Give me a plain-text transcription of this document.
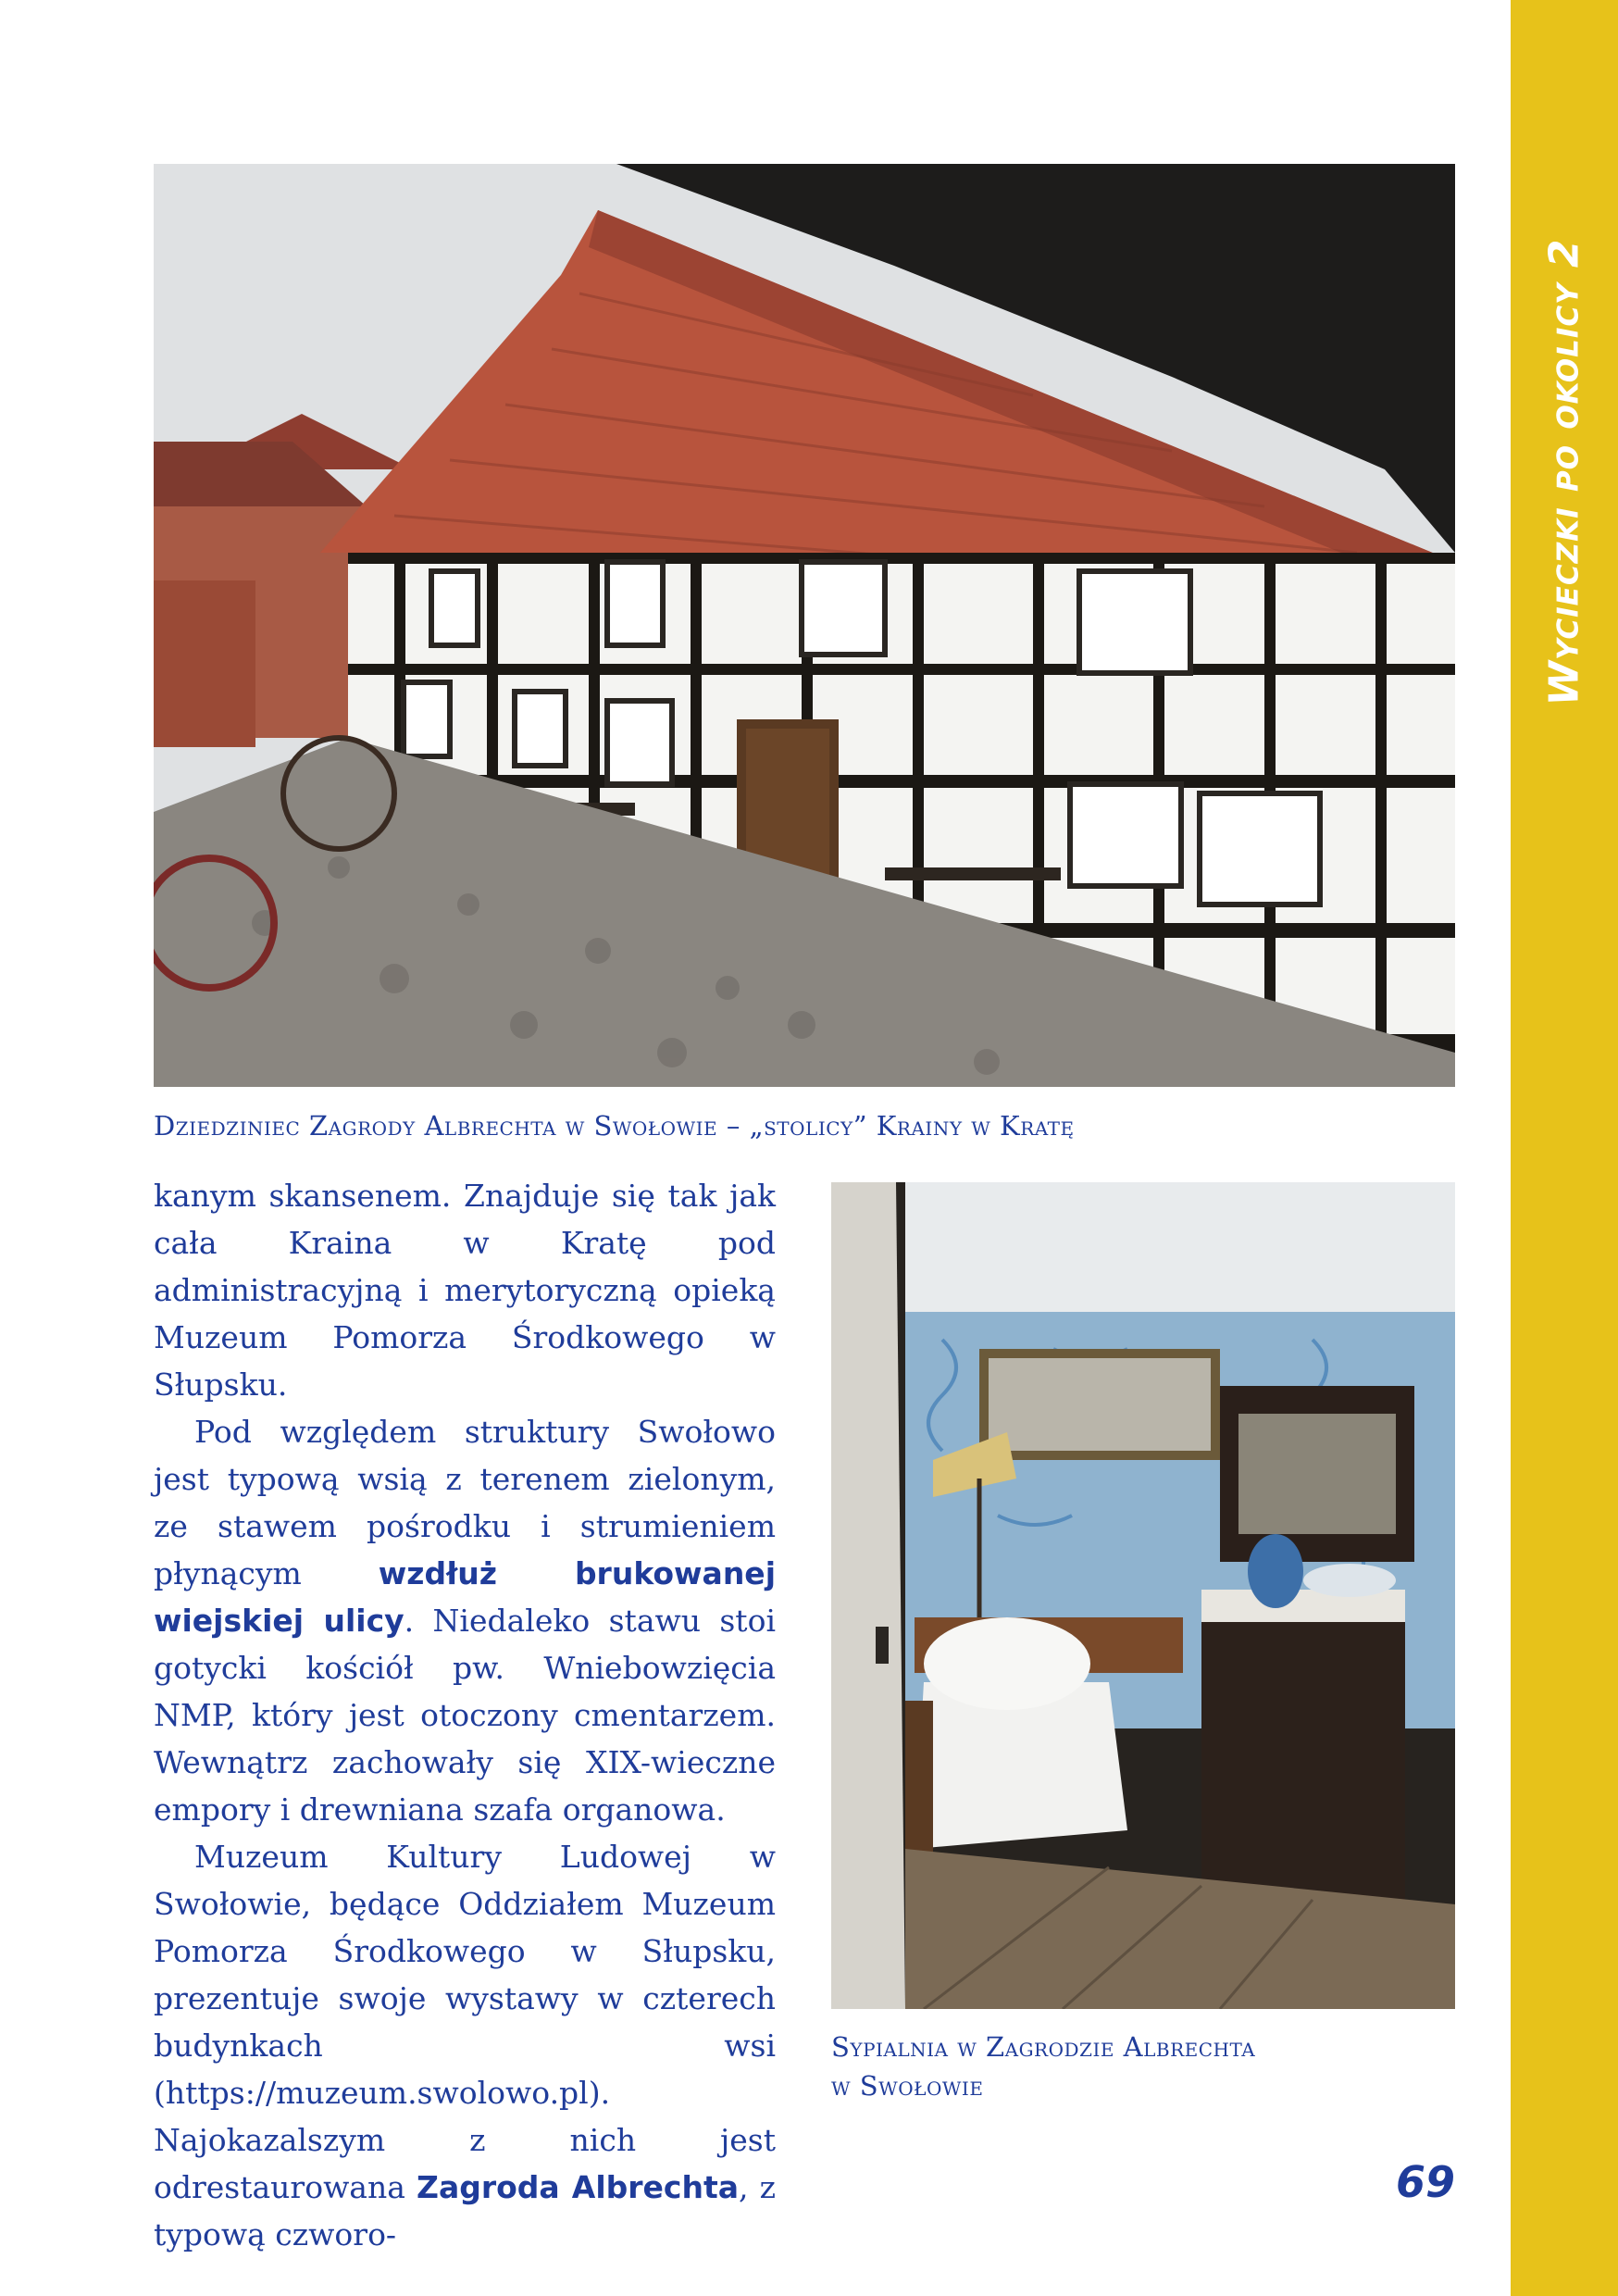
Wycieczki po okolicy 2
Dziedziniec Zagrody Albrechta w Swołowie – „stolicy” Krainy w Kratę

kanym skansenem. Znajduje się tak jak cała Kraina w Kratę pod administracyjną i merytoryczną opieką Muzeum Pomorza Środkowego w Słupsku.

Pod względem struktury Swołowo jest typową wsią z terenem zielonym, ze stawem pośrodku i strumieniem płynącym wzdłuż brukowanej wiejskiej ulicy. Niedaleko stawu stoi gotycki kościół pw. Wniebowzięcia NMP, który jest otoczony cmentarzem. Wewnątrz zachowały się XIX-wieczne empory i drewniana szafa organowa.

Muzeum Kultury Ludowej w Swołowie, będące Oddziałem Muzeum Pomorza Środkowego w Słupsku, prezentuje swoje wystawy w czterech budynkach wsi (https://muzeum.swolowo.pl). Najokazalszym z nich jest odrestaurowana Zagroda Albrechta, z typową czworo-

Sypialnia w Zagrodzie Albrechta
w Swołowie
69
